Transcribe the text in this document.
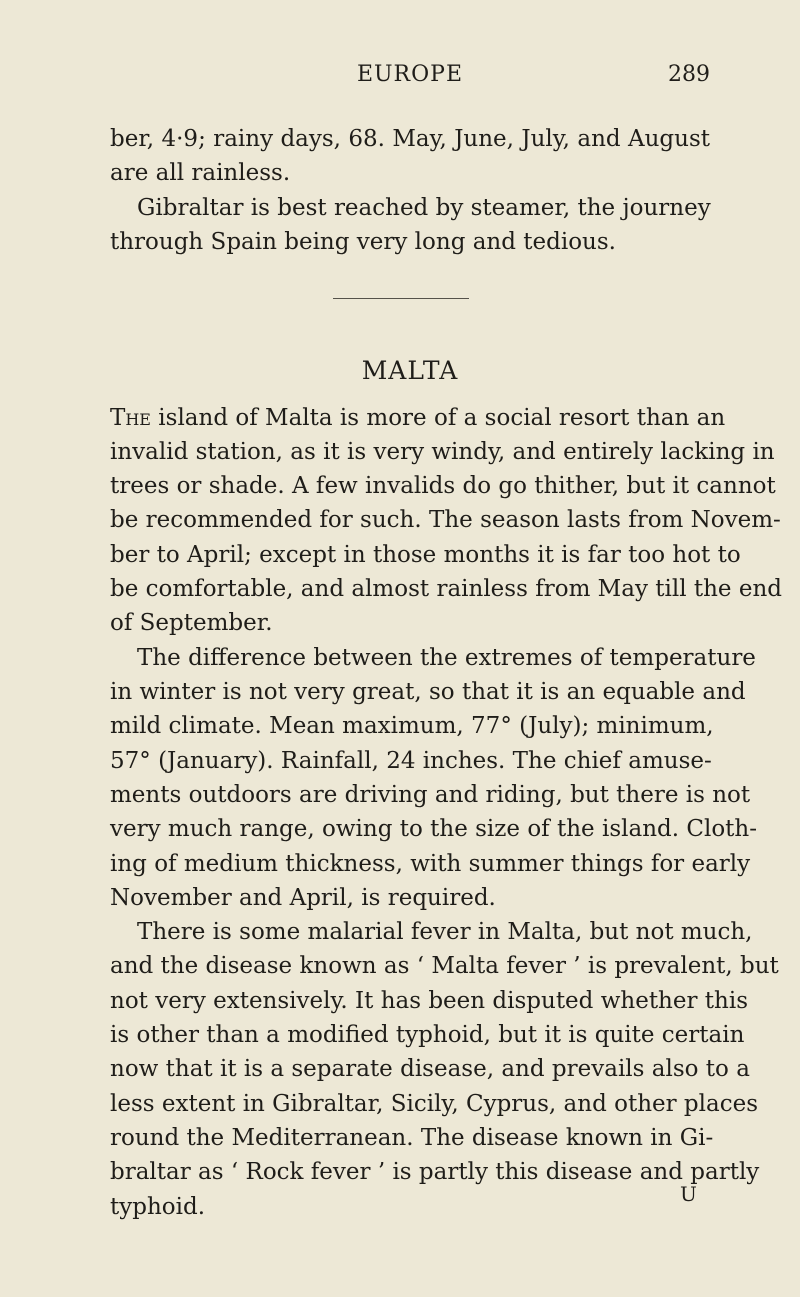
EUROPE	289
ber, 4·9; rainy days, 68. May, June, July, and August
are all rainless.
Gibraltar is best reached by steamer, the journey
through Spain being very long and tedious.
MALTA
The island of Malta is more of a social resort than an
invalid station, as it is very windy, and entirely lacking in
trees or shade. A few invalids do go thither, but it cannot
be recommended for such. The season lasts from Novem-
ber to April; except in those months it is far too hot to
be comfortable, and almost rainless from May till the end
of September.
The difference between the extremes of temperature
in winter is not very great, so that it is an equable and
mild climate. Mean maximum, 77° (July); minimum,
57° (January). Rainfall, 24 inches. The chief amuse-
ments outdoors are driving and riding, but there is not
very much range, owing to the size of the island. Cloth-
ing of medium thickness, with summer things for early
November and April, is required.
There is some malarial fever in Malta, but not much,
and the disease known as ‘ Malta fever ’ is prevalent, but
not very extensively. It has been disputed whether this
is other than a modified typhoid, but it is quite certain
now that it is a separate disease, and prevails also to a
less extent in Gibraltar, Sicily, Cyprus, and other places
round the Mediterranean. The disease known in Gi-
braltar as ‘ Rock fever ’ is partly this disease and partly
typhoid.	U
